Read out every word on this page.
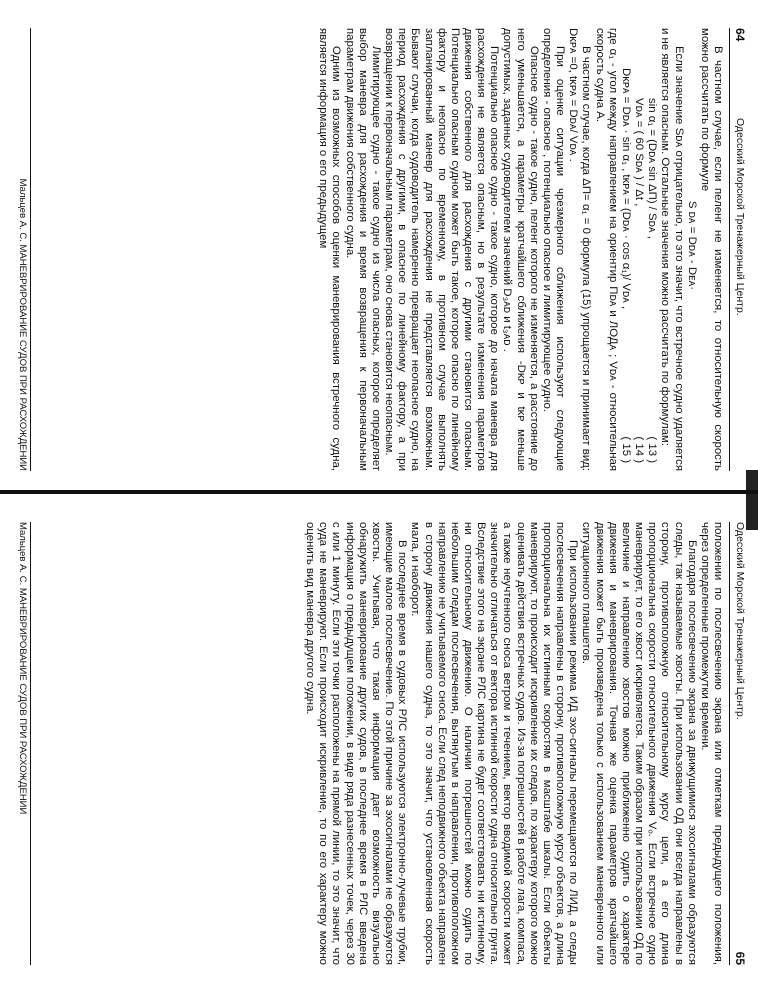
64
Одесский Морской Тренажерный Центр.

В частном случае, если пеленг не изменяется, то относительную скорость можно рассчитать по формуле

S ᴅᴀ = Dᴅᴀ - Dᴇᴀ·

Если значение Sᴅᴀ отрицательно, то это значит, что встречное судно удаляется и не является опасным. Остальные значения можно рассчитать по формулам:

sin α₁ = (Dᴅᴀ sin ΔП) / Sᴅᴀ ,
( 13 )
Vᴅᴀ = ( 60 Sᴅᴀ ) / Δt ,
( 14 )
Dᴋᴘᴀ = Dᴅᴀ · sin α₁ , tᴋᴘᴀ = (Dᴅᴀ · cos α₁)/ Vᴅᴀ ,
( 15 )

где α₁ - угол между направлением на ориентир Пᴅᴀ и ЛОДᴀ ; Vᴅᴀ - относительная скорость судна А.

В частном случае, когда ΔП= α₁ = 0 формула (15) упрощается и принимает вид: Dᴋᴘᴀ =0, tᴋᴘᴀ = Dᴅᴀ/ Vᴅᴀ .

При оценке ситуации чрезмерного сближения используют следующие определения - опасное , потенциально опасное и лимитирующее судно.

Опасное судно - такое судно, пеленг которого не изменяется, а расстояние до него уменьшается, а параметры кратчайшего сближения -Dᴋᴘ и tᴋᴘ меньше допустимых, заданных судоводителем значений D₃ᴀᴅ и t₃ᴀᴅ .

Потенциально опасное судно - такое судно, которое до начала маневра для расхождения не является опасным, но в результате изменения параметров движения собственного для расхождения с другими становится опасным. Потенциально опасным судном может быть такое, которое опасно по линейному фактору и неопасно по временному, в противном случае выполнять запланированный маневр для расхождения не представляется возможным. Бывают случаи, когда судоводитель намеренно превращает неопасное судно, на период расхождения с другими, в опасное по линейному фактору, а при возвращении к первоначальным параметрам, оно снова становится неопасным.

Лимитирующее судно - такое судно из числа опасных, которое определяет выбор маневра для расхождения и время возвращения к первоначальным параметрам движения собственного судна.

Одним из возможных способов оценки маневрирования встречного судна, является информация о его предыдущем

Мальцев А. С. МАНЕВРИРОВАНИЕ СУДОВ ПРИ РАСХОЖДЕНИИ
Одесский Морской Тренажерный Центр.
65

положении по послесвечению экрана или отметкам предыдущего положения, через определенные промежутки времени.

Благодаря послесвечению экрана за движущимися эхосигналами образуются следы, так называемые хвосты. При использовании ОД они всегда направлены в сторону, противоположную относительному курсу цели, а его длина пропорциональна скорости относительного движения Vₒ. Если встречное судно маневрирует, то его хвост искривляется. Таким образом при использовании ОД по величине и направлению хвостов можно приближенно судить о характере движения и маневрирования. Точная же оценка параметров кратчайшего движения может быть произведена только с использованием маневренного или ситуационного планшетов.

При использовании режима ИД эхо-сигналы перемещаются по ЛИД, а следы послесвечения направлены в сторону, противоположную курсу объектов, а длина пропорциональна их истинным скоростям в масштабе шкалы. Если объекты маневрируют, то происходит искривление их следов, по характеру которого можно оценивать действия встречных судов. Из-за погрешностей в работе лага, компаса, а также неучтенного сноса ветром и течением, вектор вводимой скорости может значительно отличаться от вектора истинной скорости судна относительно грунта. Вследствие этого на экране РЛС картина не будет соответствовать ни истинному, ни относительному движению. О наличии погрешностей можно судить по небольшим следам послесвечения, вытянутым в направлении, противоположном направлению не учитываемого сноса. Если след неподвижного объекта направлен в сторону движения нашего судна, то это значит, что установленная скорость мала, и наоборот.

В последнее время в судовых РЛС используются электронно-лучевые трубки, имеющие малое послесвечение. По этой причине за эхосигналами не образуются хвосты. Учитывая, что такая информация дает возможность визуально обнаружить маневрирование других судов, в последнее время в РЛС введена информация о предыдущем положении, в виде ряда разнесенных точек, через 30 с или 1 минуту. Если эти точки расположены на прямой линии, то это значит, что суда не маневрируют. Если происходит искривление, то по его характеру можно оценить вид маневра другого судна.

Мальцев А. С. МАНЕВРИРОВАНИЕ СУДОВ ПРИ РАСХОЖДЕНИИ
